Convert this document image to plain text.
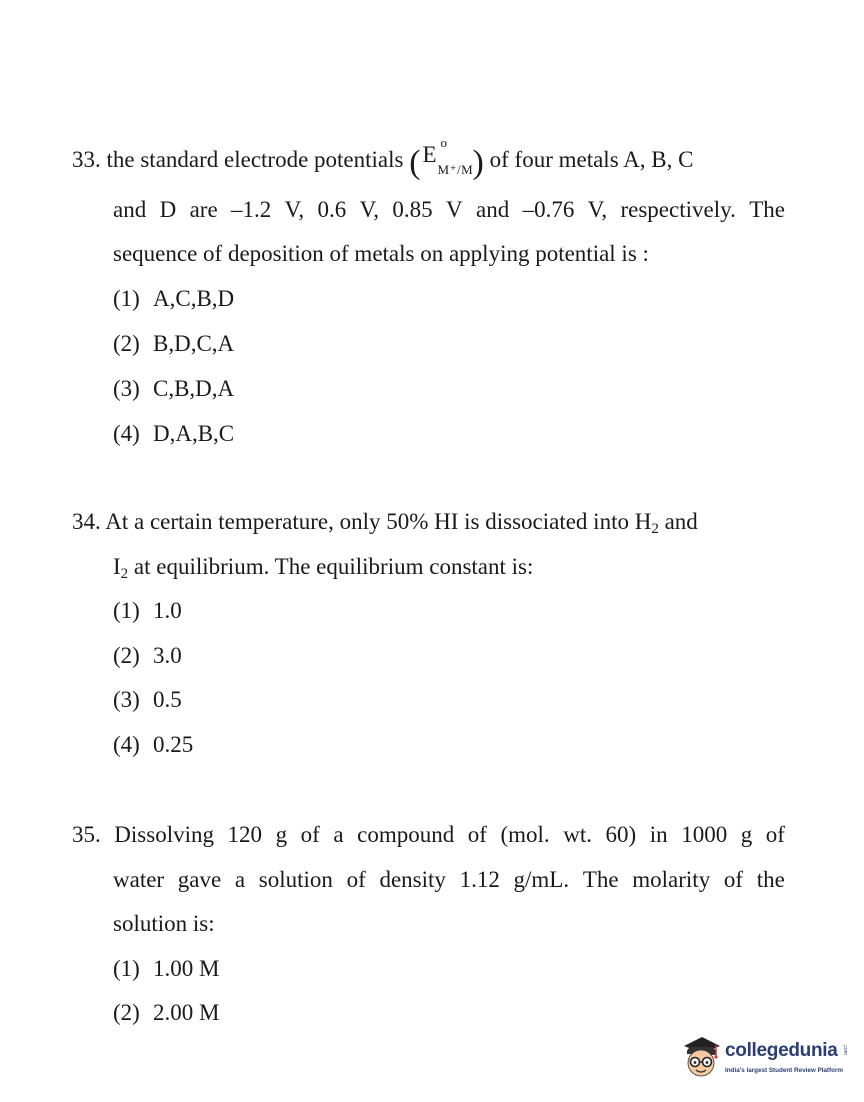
33. the standard electrode potentials ( E o
M⁺/M ) of four metals A, B, C
and D are –1.2 V, 0.6 V, 0.85 V and –0.76 V, respectively. The
sequence of deposition of metals on applying potential is :
(1) A,C,B,D
(2) B,D,C,A
(3) C,B,D,A
(4) D,A,B,C
34. At a certain temperature, only 50% HI is dissociated into H2 and
I2 at equilibrium. The equilibrium constant is:
(1) 1.0
(2) 3.0
(3) 0.5
(4) 0.25
35. Dissolving 120 g of a compound of (mol. wt. 60) in 1000 g of
water gave a solution of density 1.12 g/mL. The molarity of the
solution is:
(1) 1.00 M
(2) 2.00 M
collegedunia .com
India's largest Student Review Platform
